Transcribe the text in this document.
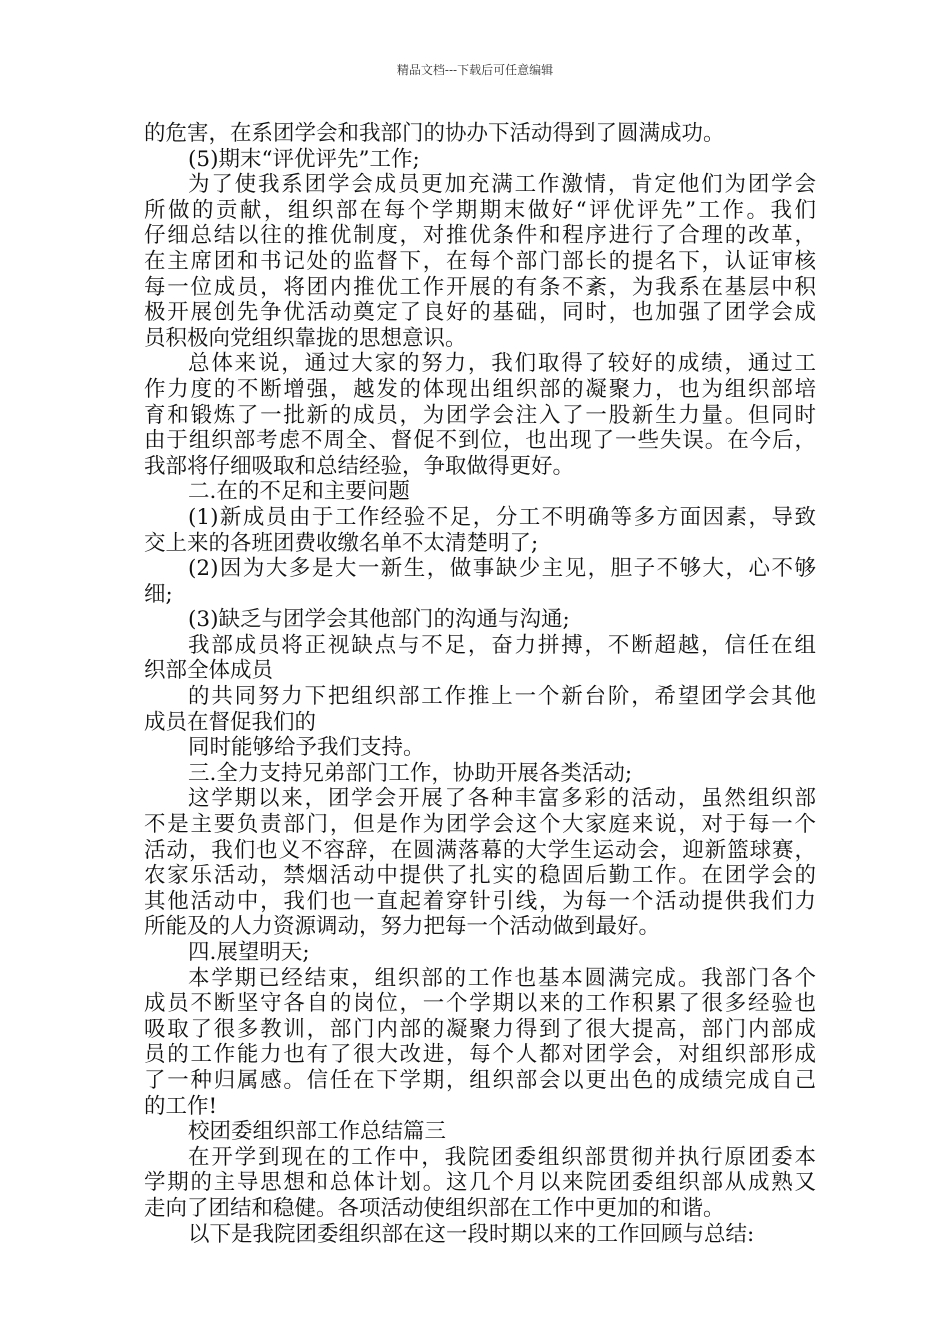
精品文档---下载后可任意编辑
的危害，在系团学会和我部门的协办下活动得到了圆满成功。
(5)期末“评优评先”工作;
为了使我系团学会成员更加充满工作激情，肯定他们为团学会
所做的贡献，组织部在每个学期期末做好“评优评先”工作。我们
仔细总结以往的推优制度，对推优条件和程序进行了合理的改革，
在主席团和书记处的监督下，在每个部门部长的提名下，认证审核
每一位成员，将团内推优工作开展的有条不紊，为我系在基层中积
极开展创先争优活动奠定了良好的基础，同时，也加强了团学会成
员积极向党组织靠拢的思想意识。
总体来说，通过大家的努力，我们取得了较好的成绩，通过工
作力度的不断增强，越发的体现出组织部的凝聚力，也为组织部培
育和锻炼了一批新的成员，为团学会注入了一股新生力量。但同时
由于组织部考虑不周全、督促不到位，也出现了一些失误。在今后，
我部将仔细吸取和总结经验，争取做得更好。
二.在的不足和主要问题
(1)新成员由于工作经验不足，分工不明确等多方面因素，导致
交上来的各班团费收缴名单不太清楚明了;
(2)因为大多是大一新生，做事缺少主见，胆子不够大，心不够
细;
(3)缺乏与团学会其他部门的沟通与沟通;
我部成员将正视缺点与不足，奋力拼搏，不断超越，信任在组
织部全体成员
的共同努力下把组织部工作推上一个新台阶，希望团学会其他
成员在督促我们的
同时能够给予我们支持。
三.全力支持兄弟部门工作，协助开展各类活动;
这学期以来，团学会开展了各种丰富多彩的活动，虽然组织部
不是主要负责部门，但是作为团学会这个大家庭来说，对于每一个
活动，我们也义不容辞，在圆满落幕的大学生运动会，迎新篮球赛，
农家乐活动，禁烟活动中提供了扎实的稳固后勤工作。在团学会的
其他活动中，我们也一直起着穿针引线，为每一个活动提供我们力
所能及的人力资源调动，努力把每一个活动做到最好。
四.展望明天;
本学期已经结束，组织部的工作也基本圆满完成。我部门各个
成员不断坚守各自的岗位，一个学期以来的工作积累了很多经验也
吸取了很多教训，部门内部的凝聚力得到了很大提高，部门内部成
员的工作能力也有了很大改进，每个人都对团学会，对组织部形成
了一种归属感。信任在下学期，组织部会以更出色的成绩完成自己
的工作!
校团委组织部工作总结篇三
在开学到现在的工作中，我院团委组织部贯彻并执行原团委本
学期的主导思想和总体计划。这几个月以来院团委组织部从成熟又
走向了团结和稳健。各项活动使组织部在工作中更加的和谐。
以下是我院团委组织部在这一段时期以来的工作回顾与总结:
